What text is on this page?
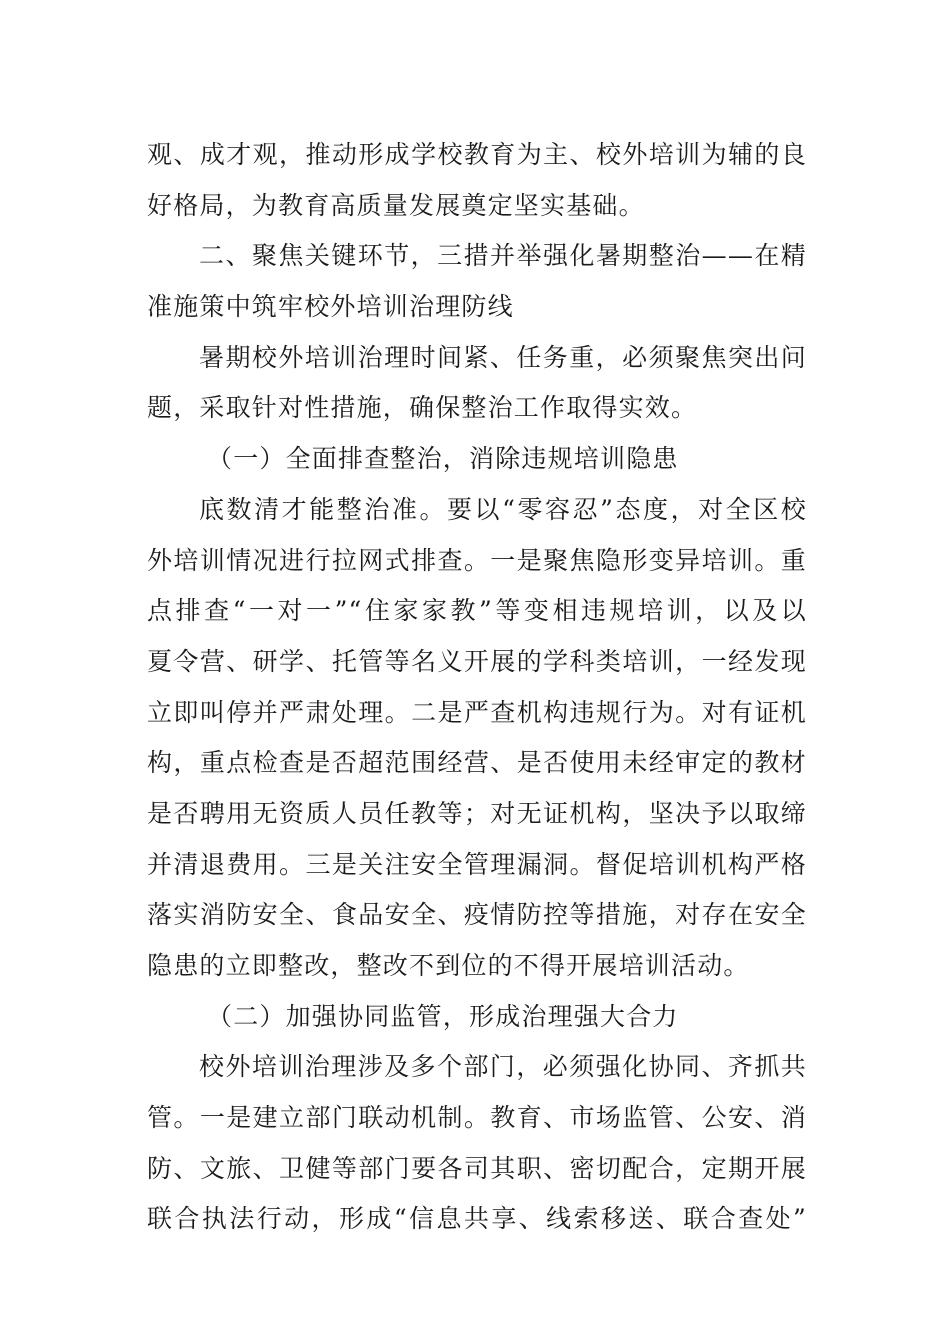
观、成才观，推动形成学校教育为主、校外培训为辅的良
好格局，为教育高质量发展奠定坚实基础。
二、聚焦关键环节，三措并举强化暑期整治——在精
准施策中筑牢校外培训治理防线
暑期校外培训治理时间紧、任务重，必须聚焦突出问
题，采取针对性措施，确保整治工作取得实效。
（一）全面排查整治，消除违规培训隐患
底数清才能整治准。要以“零容忍”态度，对全区校
外培训情况进行拉网式排查。一是聚焦隐形变异培训。重
点排查“一对一”“住家家教”等变相违规培训，以及以
夏令营、研学、托管等名义开展的学科类培训，一经发现
立即叫停并严肃处理。二是严查机构违规行为。对有证机
构，重点检查是否超范围经营、是否使用未经审定的教材
是否聘用无资质人员任教等；对无证机构，坚决予以取缔
并清退费用。三是关注安全管理漏洞。督促培训机构严格
落实消防安全、食品安全、疫情防控等措施，对存在安全
隐患的立即整改，整改不到位的不得开展培训活动。
（二）加强协同监管，形成治理强大合力
校外培训治理涉及多个部门，必须强化协同、齐抓共
管。一是建立部门联动机制。教育、市场监管、公安、消
防、文旅、卫健等部门要各司其职、密切配合，定期开展
联合执法行动，形成“信息共享、线索移送、联合查处”
